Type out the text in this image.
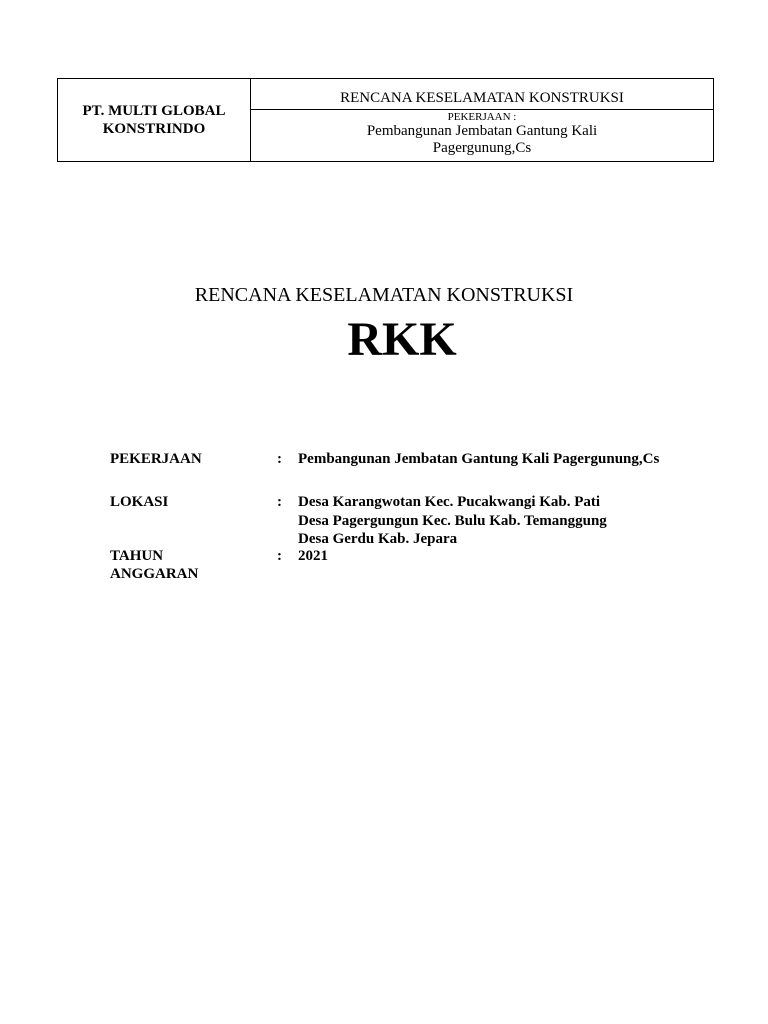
PT. MULTI GLOBAL
KONSTRINDO
RENCANA KESELAMATAN KONSTRUKSI
PEKERJAAN :
Pembangunan Jembatan Gantung Kali
Pagergunung,Cs
RENCANA KESELAMATAN KONSTRUKSI
RKK
PEKERJAAN	: Pembangunan Jembatan Gantung Kali Pagergunung,Cs
LOKASI	: Desa Karangwotan Kec. Pucakwangi Kab. Pati
Desa Pagergungun Kec. Bulu Kab. Temanggung
Desa Gerdu Kab. Jepara
TAHUN
ANGGARAN
: 2021
